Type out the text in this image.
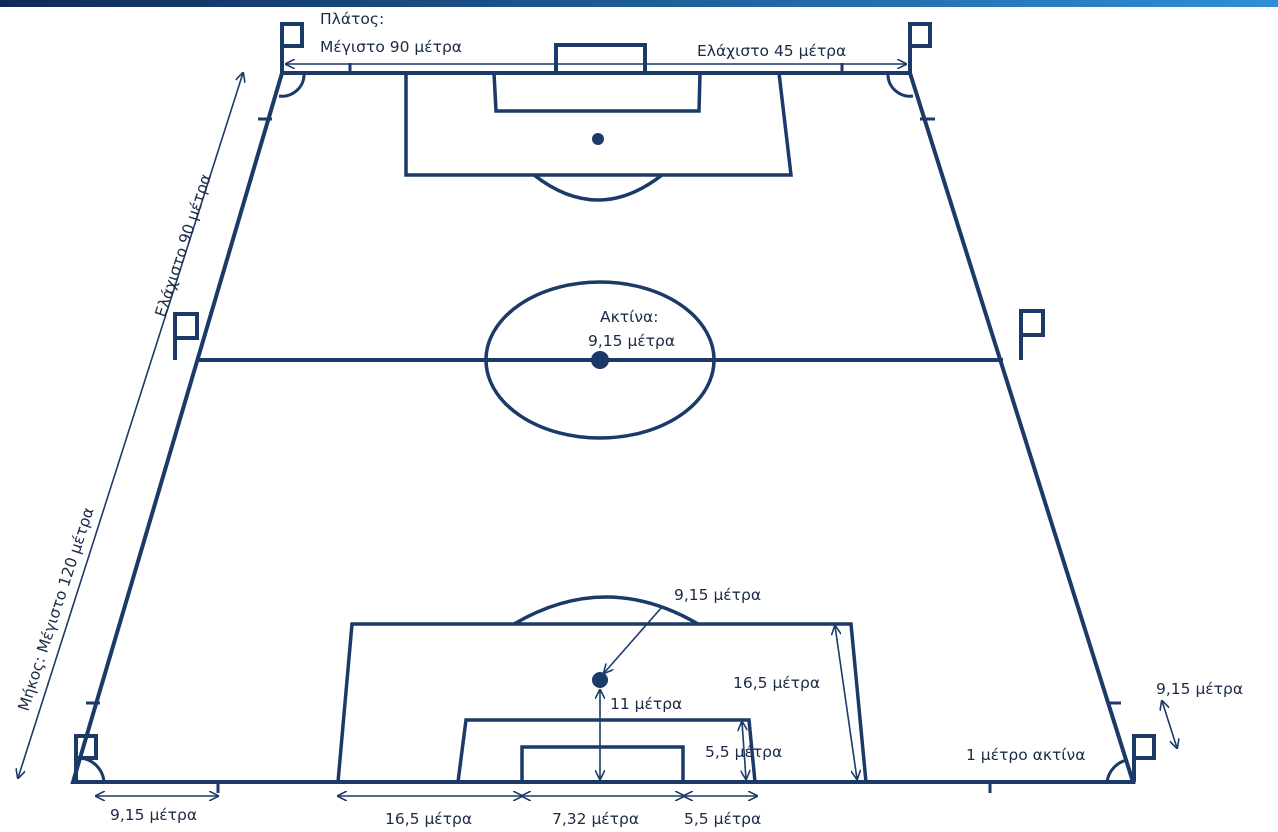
Πλάτος:
Μέγιστο 90 μέτρα	Ελάχιστο 45 μέτρα
Ελάχιστο 90 μέτρα
Μήκος: Μέγιστο 120 μέτρα
Ακτίνα:
9,15 μέτρα
9,15 μέτρα
16,5 μέτρα
11 μέτρα
5,5 μέτρα	1 μέτρο ακτίνα
9,15 μέτρα
9,15 μέτρα	16,5 μέτρα	7,32 μέτρα	5,5 μέτρα
